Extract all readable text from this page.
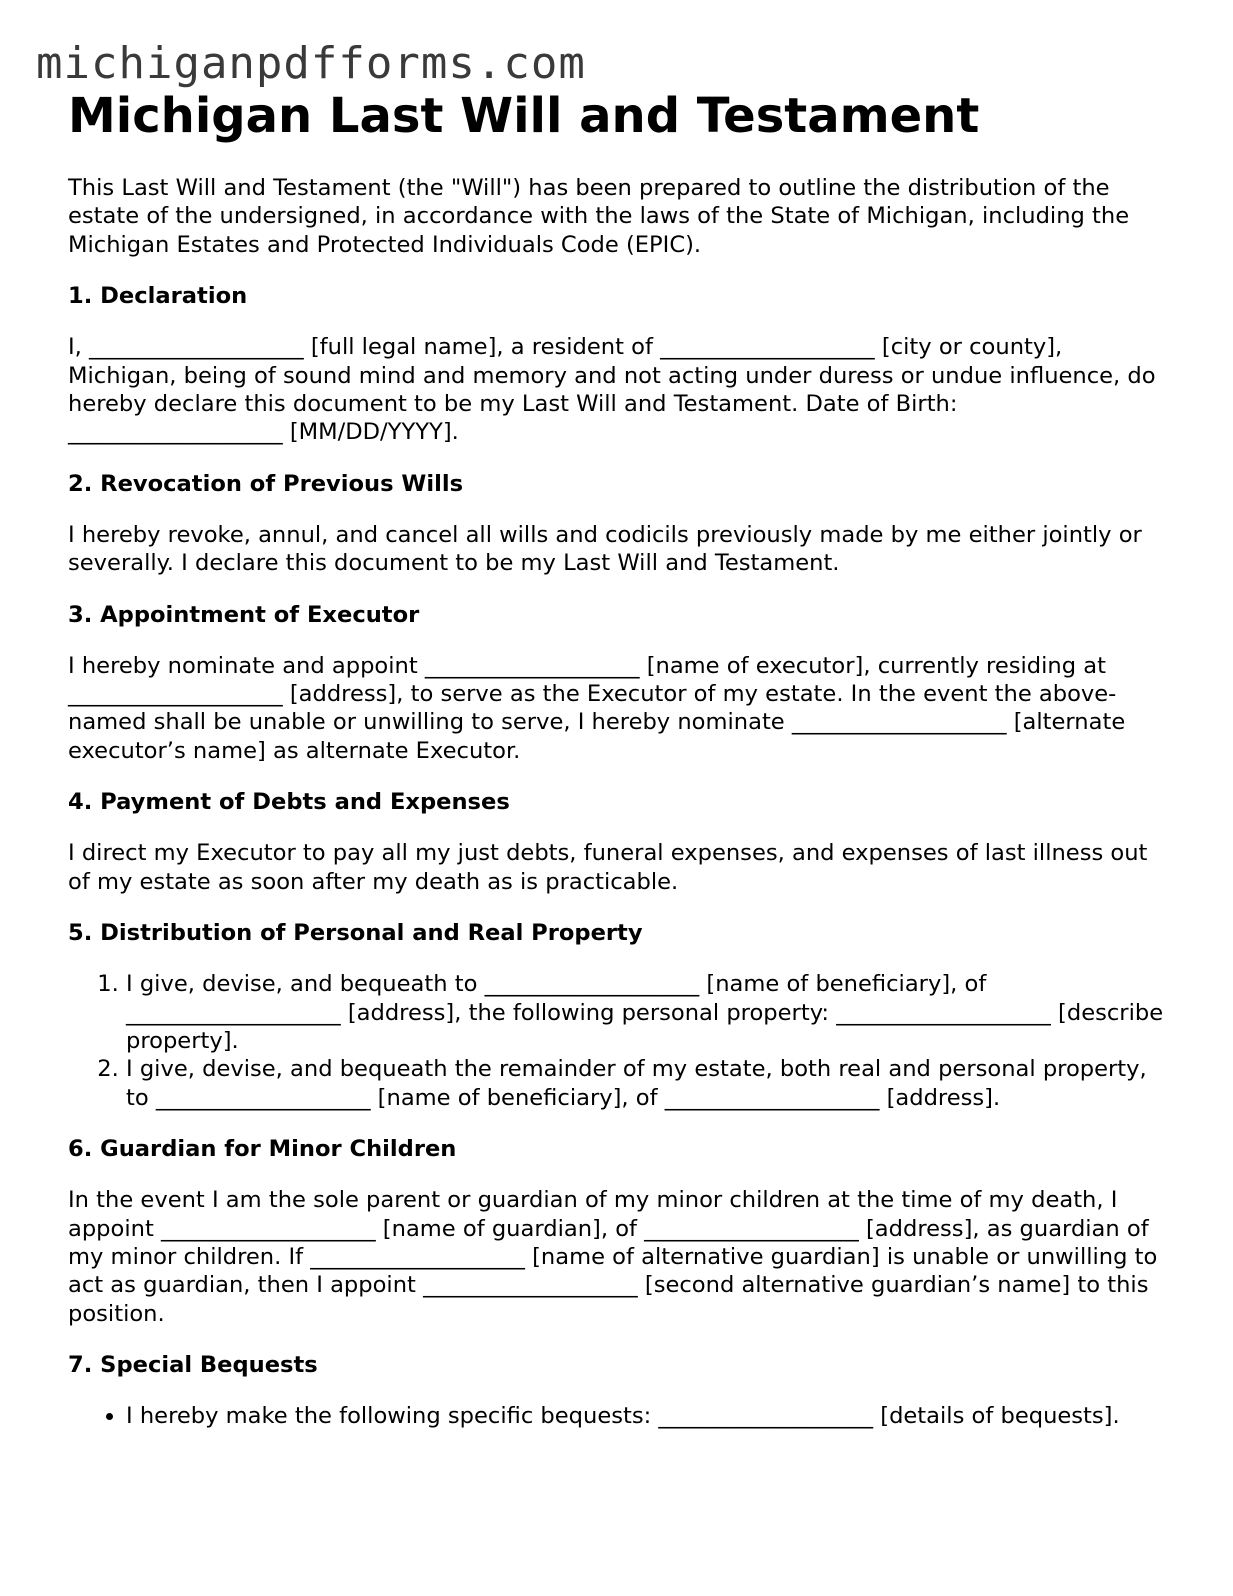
michiganpdfforms.com
Michigan Last Will and Testament

This Last Will and Testament (the "Will") has been prepared to outline the distribution of the estate of the undersigned, in accordance with the laws of the State of Michigan, including the Michigan Estates and Protected Individuals Code (EPIC).

1. Declaration

I, ___________________ [full legal name], a resident of ___________________ [city or county], Michigan, being of sound mind and memory and not acting under duress or undue influence, do hereby declare this document to be my Last Will and Testament. Date of Birth: ___________________ [MM/DD/YYYY].

2. Revocation of Previous Wills

I hereby revoke, annul, and cancel all wills and codicils previously made by me either jointly or severally. I declare this document to be my Last Will and Testament.

3. Appointment of Executor

I hereby nominate and appoint ___________________ [name of executor], currently residing at ___________________ [address], to serve as the Executor of my estate. In the event the above-named shall be unable or unwilling to serve, I hereby nominate ___________________ [alternate executor’s name] as alternate Executor.

4. Payment of Debts and Expenses

I direct my Executor to pay all my just debts, funeral expenses, and expenses of last illness out of my estate as soon after my death as is practicable.

5. Distribution of Personal and Real Property
1. I give, devise, and bequeath to ___________________ [name of beneficiary], of ___________________ [address], the following personal property: ___________________ [describe property].
2. I give, devise, and bequeath the remainder of my estate, both real and personal property, to ___________________ [name of beneficiary], of ___________________ [address].
6. Guardian for Minor Children

In the event I am the sole parent or guardian of my minor children at the time of my death, I appoint ___________________ [name of guardian], of ___________________ [address], as guardian of my minor children. If ___________________ [name of alternative guardian] is unable or unwilling to act as guardian, then I appoint ___________________ [second alternative guardian’s name] to this position.

7. Special Bequests
• I hereby make the following specific bequests: ___________________ [details of bequests].
